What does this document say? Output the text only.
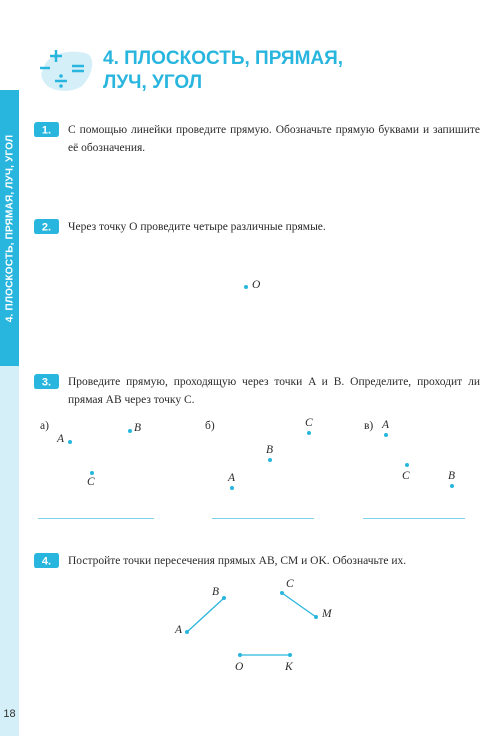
4. ПЛОСКОСТЬ, ПРЯМАЯ, ЛУЧ, УГОЛ
18
4. ПЛОСКОСТЬ, ПРЯМАЯ,
ЛУЧ, УГОЛ
1. С помощью линейки проведите прямую. Обозначьте прямую буквами и запишите её обозначения.
2. Через точку O проведите четыре различные прямые.
O
3. Проведите прямую, проходящую через точки A и B. Определите, проходит ли прямая AB через точку C.
а)
A
B
C
б)	C
B
A
в) A
C	B
4. Постройте точки пересечения прямых AB, CM и OK. Обозначьте их.
B
A
C
M
O	K
